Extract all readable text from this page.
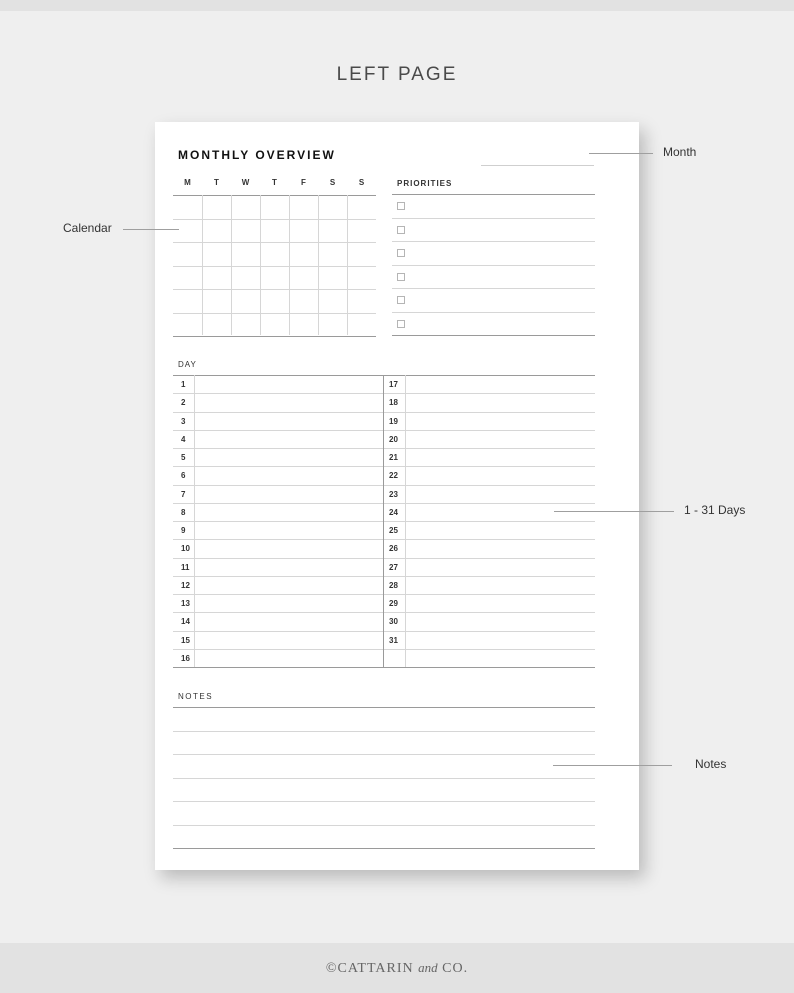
LEFT PAGE
MONTHLY OVERVIEW
M	T	W	T	F	S	S	PRIORITIES
DAY
1	17
2	18
3	19
4	20
5	21
6	22
7	23
8	24
9	25
10	26
11	27
12	28
13	29
14	30
15	31
16
NOTES
Month
Calendar
1 - 31 Days
Notes
©CATTARIN and CO.
